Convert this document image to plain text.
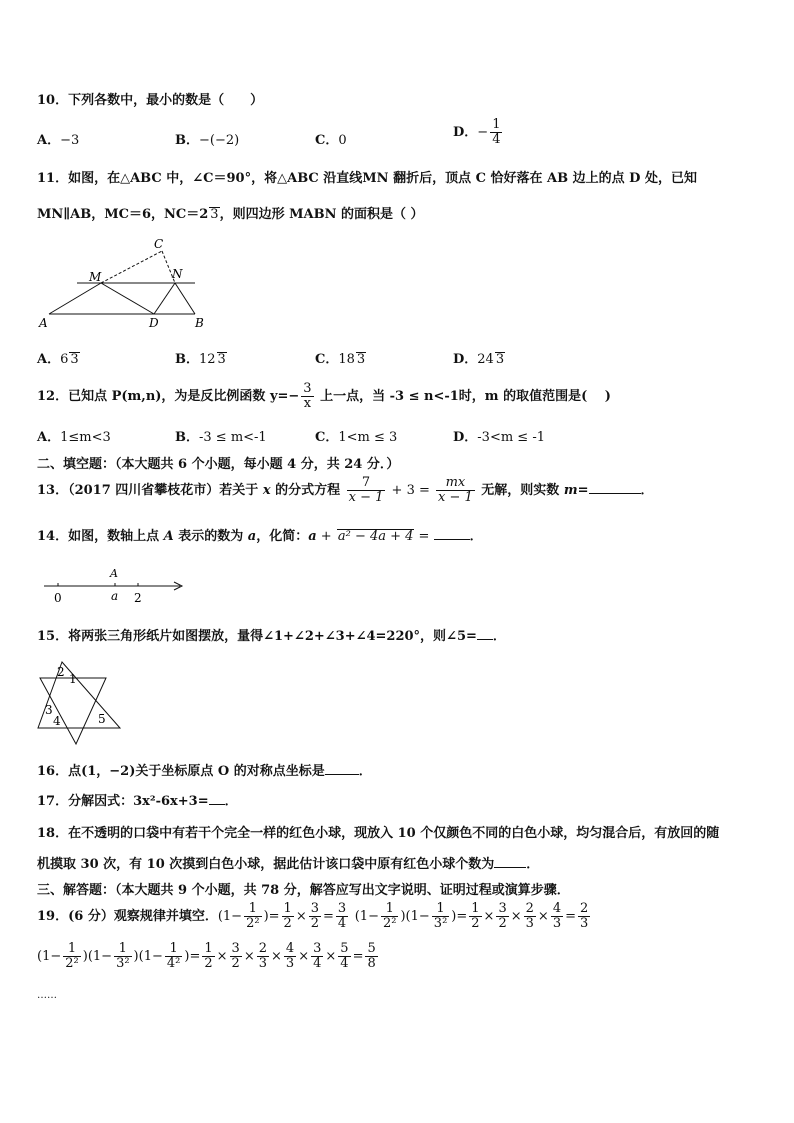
10．下列各数中，最小的数是（　　）
A．−3	B．−(−2)	C．0
D．− $\frac{1}{4}$
11．如图，在△ABC 中，∠C＝90°，将△ABC 沿直线MN 翻折后，顶点 C 恰好落在 AB 边上的点 D 处，已知
MN∥AB，MC＝6，NC＝2 3，则四边形 MABN 的面积是（ ）
A	B
C
D
M	N
A．6 3	B．12 3	C．18 3	D．24 3
12．已知点 P(m,n)，为是反比例函数 $y=- \frac{3}{x}$ 上一点，当 -3 ≤ n<-1时，m 的取值范围是(　 )
A．1≤m<3	B．-3 ≤ m<-1	C．1<m ≤ 3	D．-3<m ≤ -1
二、填空题：（本大题共 6 个小题，每小题 4 分，共 24 分．）
13．（2017 四川省攀枝花市）若关于 x 的分式方程 $\frac{7}{x - 1} + 3 = \frac{mx}{x - 1}$ 无解，则实数 m=	．
14．如图，数轴上点 A 表示的数为 a，化简：a + a² − 4a + 4 =	．
0
A
a 2
15．将两张三角形纸片如图摆放，量得∠1+∠2+∠3+∠4=220°，则∠5= ．
2 1
3
4	5
16．点(1，−2)关于坐标原点 O 的对称点坐标是	．
17．分解因式：3x²-6x+3= ．
18．在不透明的口袋中有若干个完全一样的红色小球，现放入 10 个仅颜色不同的白色小球，均匀混合后，有放回的随
机摸取 30 次，有 10 次摸到白色小球，据此估计该口袋中原有红色小球个数为 ．
三、解答题：（本大题共 9 个小题，共 78 分，解答应写出文字说明、证明过程或演算步骤．
19．(6 分）观察规律并填空．($1- \frac{1}{\text{2²}}$ )= $\frac{1}{2} \times \frac{3}{2} = \frac{3}{4} (1- \frac{1}{\text{2²}} )(1- \frac{1}{\text{3²}}$ )= $\frac{1}{2} \times \frac{3}{2} \times \frac{2}{3} \times \frac{4}{3} = \frac{2}{3}$
$(1- \frac{1}{\text{2²}} )(1- \frac{1}{\text{3²}} )(1- \frac{1}{\text{4²}}$ )= $\frac{1}{2} \times \frac{3}{2} \times \frac{2}{3} \times \frac{4}{3} \times \frac{3}{4} \times \frac{5}{4} = \frac{5}{8}$
……
